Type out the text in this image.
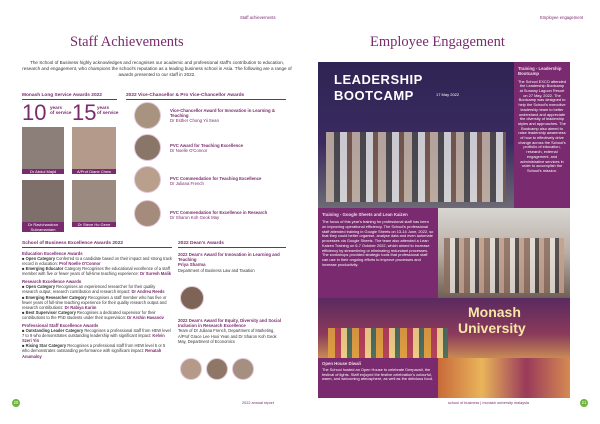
Staff achievements
Staff Achievements
The School of Business highly acknowledges and recognises our academic and professional staff's contribution to education, research and engagement, who champions the school's reputation as a leading business school in Asia. The following are a range of awards presented to our staff in 2022.
Monash Long Service Awards 2022
10 years
of service 15 years
of service
Dr Abdul Majid	A/Prof Diane Chew
Dr Ravichandran Subramaniam
Dr Steve Ho Gene
2022 Vice-Chancellor & Pro Vice-Chancellor Awards
Vice-Chancellor Award for Innovation in Learning & Teaching
Dr Esther Chong Yii Sean
PVC Award for Teaching Excellence
Dr Noelle O'Connor
PVC Commendation for Teaching Excellence
Dr Juliana French
PVC Commendation for Excellence in Research
Dr Sharon Koh Geok May
School of Business Excellence Awards 2022
Education Excellence Awards
■ Open Category Conferred to a candidate based on their impact and strong track record in education: Prof Noelle O'Connor
■ Emerging Educator Category Recognises the educational excellence of a staff member with five or fewer years of full-time teaching experience: Dr Suresh Malik
Research Excellence Awards
■ Open Category Recognises an experienced researcher for their quality research output, research contribution and research impact: Dr Andrea Reeds
■ Emerging Researcher Category Recognises a staff member who has five or fewer years of full-time teaching experience for their quality research output and research contributions: Dr Rabiya Karim
■ Best Supervisor Category Recognises a dedicated supervisor for their contributions to the PhD students under their supervision: Dr Arshin Hasanov
Professional Staff Excellence Awards
■ Outstanding Leader Category Recognises a professional staff from HEW level 7 to 9 who demonstrates outstanding leadership with significant impact: Kelvin Szeri Yin
■ Rising Star Category Recognises a professional staff from HEW level 6 or 5 who demonstrates outstanding performance with significant impact: Renatah Anumaloy
2022 Dean's Awards
2022 Dean's Award for Innovation in Learning and Teaching
Priya Sharma
Department of Business Law and Taxation
2022 Dean's Award for Equity, Diversity and Social Inclusion in Research Excellence
Team of Dr Juliana French, Department of Marketing, A/Prof Grace Lee Hooi Yean and Dr Sharon Koh Geok May, Department of Economics
20	2022 annual report
Employee engagement
Employee Engagement
LEADERSHIP
BOOTCAMP	17 May 2022
Training - Leadership Bootcamp
The School EXCO attended the Leadership Bootcamp at Sunway Lagoon Resort on 27 May, 2022. The Bootcamp was designed to help the School's executive leadership team to better understand and appreciate the diversity of leadership styles and approaches. The Bootcamp also aimed to raise leadership awareness of how to effectively drive change across the School's portfolio of education, research, external engagement, and administrative services in order to accomplish the School's mission.
Training - Google Sheets and Lean Kaizen
The focus of this year's training for professional staff has been on improving operational efficiency. The School's professional staff attended training in Google Sheets on 13-14 June, 2022, so that they could better organise, analyse data and even automate processes via Google Sheets. The team also attended a Lean Kaizen Training on 6-7 October 2022, which aimed to increase efficiency by streamlining or eliminating redundant processes. The workshops provided strategic tools that professional staff can use in their ongoing efforts to improve processes and increase productivity.
Monash
University
Open House Diwali
The School hosted an Open House to celebrate Deepavali, the festival of lights. Staff enjoyed the festive celebration's colourful, warm, and welcoming atmosphere, as well as the delicious food.
school of business | monash university malaysia	21
